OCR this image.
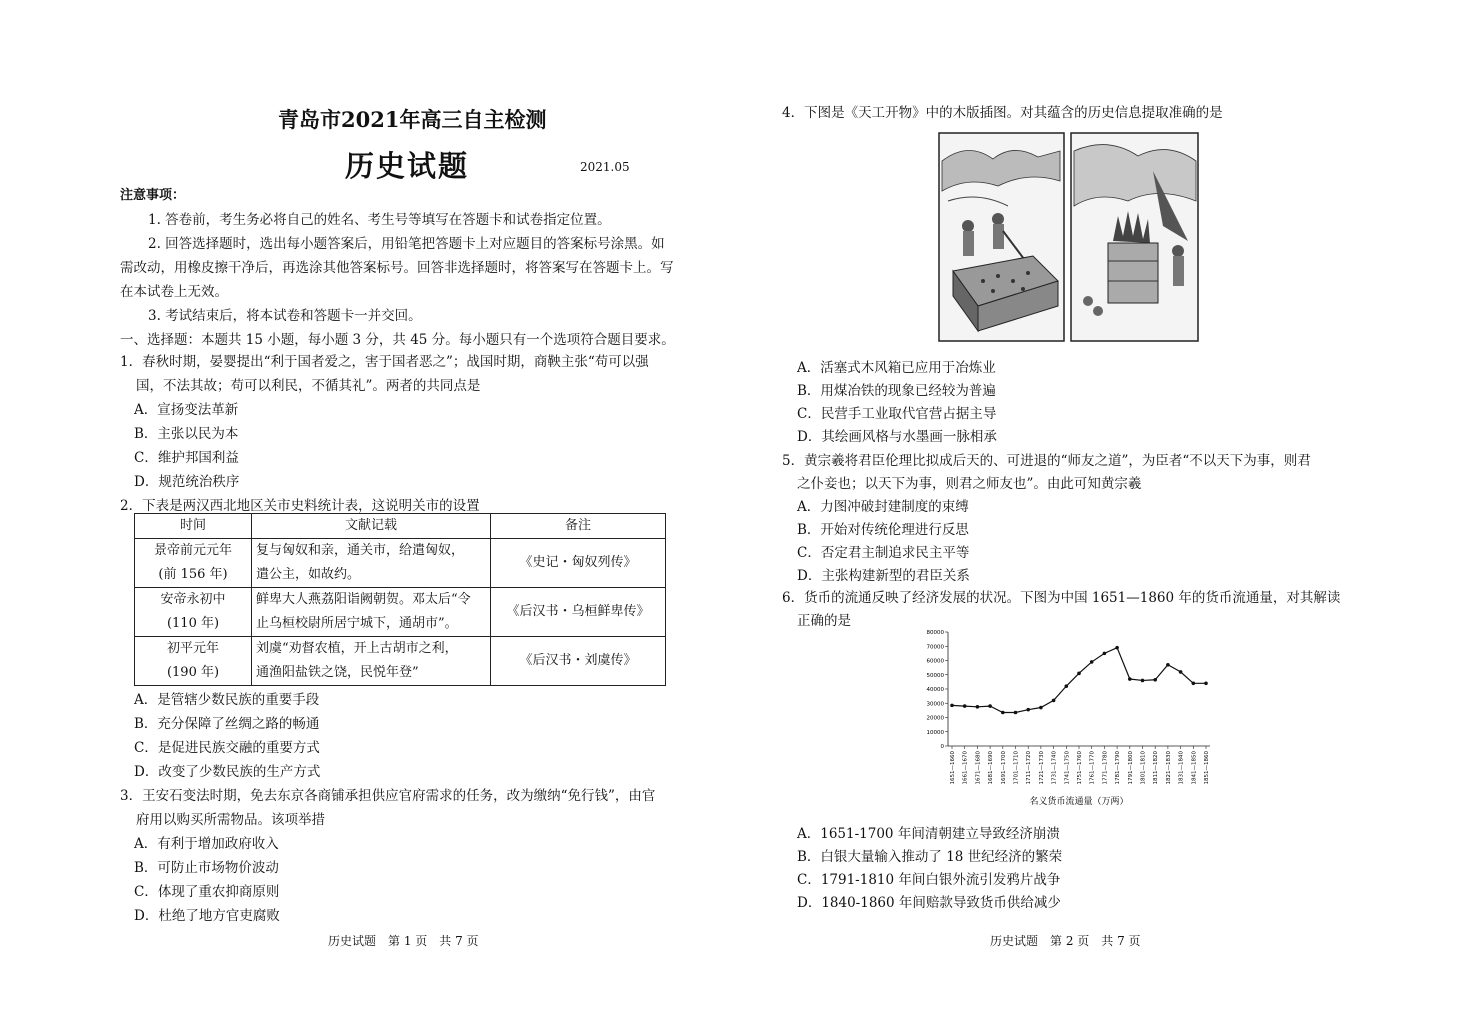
青岛市2021年高三自主检测
历史试题	2021.05
注意事项：
1. 答卷前，考生务必将自己的姓名、考生号等填写在答题卡和试卷指定位置。
2. 回答选择题时，选出每小题答案后，用铅笔把答题卡上对应题目的答案标号涂黑。如
需改动，用橡皮擦干净后，再选涂其他答案标号。回答非选择题时，将答案写在答题卡上。写
在本试卷上无效。
3. 考试结束后，将本试卷和答题卡一并交回。
一、选择题：本题共 15 小题，每小题 3 分，共 45 分。每小题只有一个选项符合题目要求。
1．春秋时期，晏婴提出“利于国者爱之，害于国者恶之”；战国时期，商鞅主张“苟可以强
国，不法其故；苟可以利民，不循其礼”。两者的共同点是
A．宣扬变法革新
B．主张以民为本
C．维护邦国利益
D．规范统治秩序
2．下表是两汉西北地区关市史料统计表，这说明关市的设置
时间	文献记载	备注
景帝前元元年
(前 156 年)	复与匈奴和亲，通关市，给遣匈奴，
遣公主，如故约。	《史记・匈奴列传》
安帝永初中
(110 年)	鲜卑大人燕荔阳诣阙朝贺。邓太后“令
止乌桓校尉所居宁城下，通胡市”。	《后汉书・乌桓鲜卑传》
初平元年
(190 年)	刘虞“劝督农植，开上古胡市之利，
通渔阳盐铁之饶，民悦年登”	《后汉书・刘虞传》
A．是管辖少数民族的重要手段
B．充分保障了丝绸之路的畅通
C．是促进民族交融的重要方式
D．改变了少数民族的生产方式
3．王安石变法时期，免去东京各商铺承担供应官府需求的任务，改为缴纳“免行钱”，由官
府用以购买所需物品。该项举措
A．有利于增加政府收入
B．可防止市场物价波动
C．体现了重农抑商原则
D．杜绝了地方官吏腐败
历史试题　第 1 页　共 7 页
4．下图是《天工开物》中的木版插图。对其蕴含的历史信息提取准确的是
A．活塞式木风箱已应用于冶炼业
B．用煤冶铁的现象已经较为普遍
C．民营手工业取代官营占据主导
D．其绘画风格与水墨画一脉相承
5．黄宗羲将君臣伦理比拟成后天的、可进退的“师友之道”，为臣者“不以天下为事，则君
之仆妾也；以天下为事，则君之师友也”。由此可知黄宗羲
A．力图冲破封建制度的束缚
B．开始对传统伦理进行反思
C．否定君主制追求民主平等
D．主张构建新型的君臣关系
6．货币的流通反映了经济发展的状况。下图为中国 1651—1860 年的货币流通量，对其解读
正确的是
0
10000
20000
30000
40000
50000
60000
70000
80000
1651—1660 1661—1670 1671—1680 1681—1690 1691—1700 1701—1710 1711—1720 1721—1730 1731—1740 1741—1750 1751—1760 1761—1770 1771—1780 1781—1790 1791—1800 1801—1810 1811—1820 1821—1830 1831—1840 1841—1850 1851—1860
名义货币流通量（万两）
A．1651-1700 年间清朝建立导致经济崩溃
B．白银大量输入推动了 18 世纪经济的繁荣
C．1791-1810 年间白银外流引发鸦片战争
D．1840-1860 年间赔款导致货币供给减少
历史试题　第 2 页　共 7 页
